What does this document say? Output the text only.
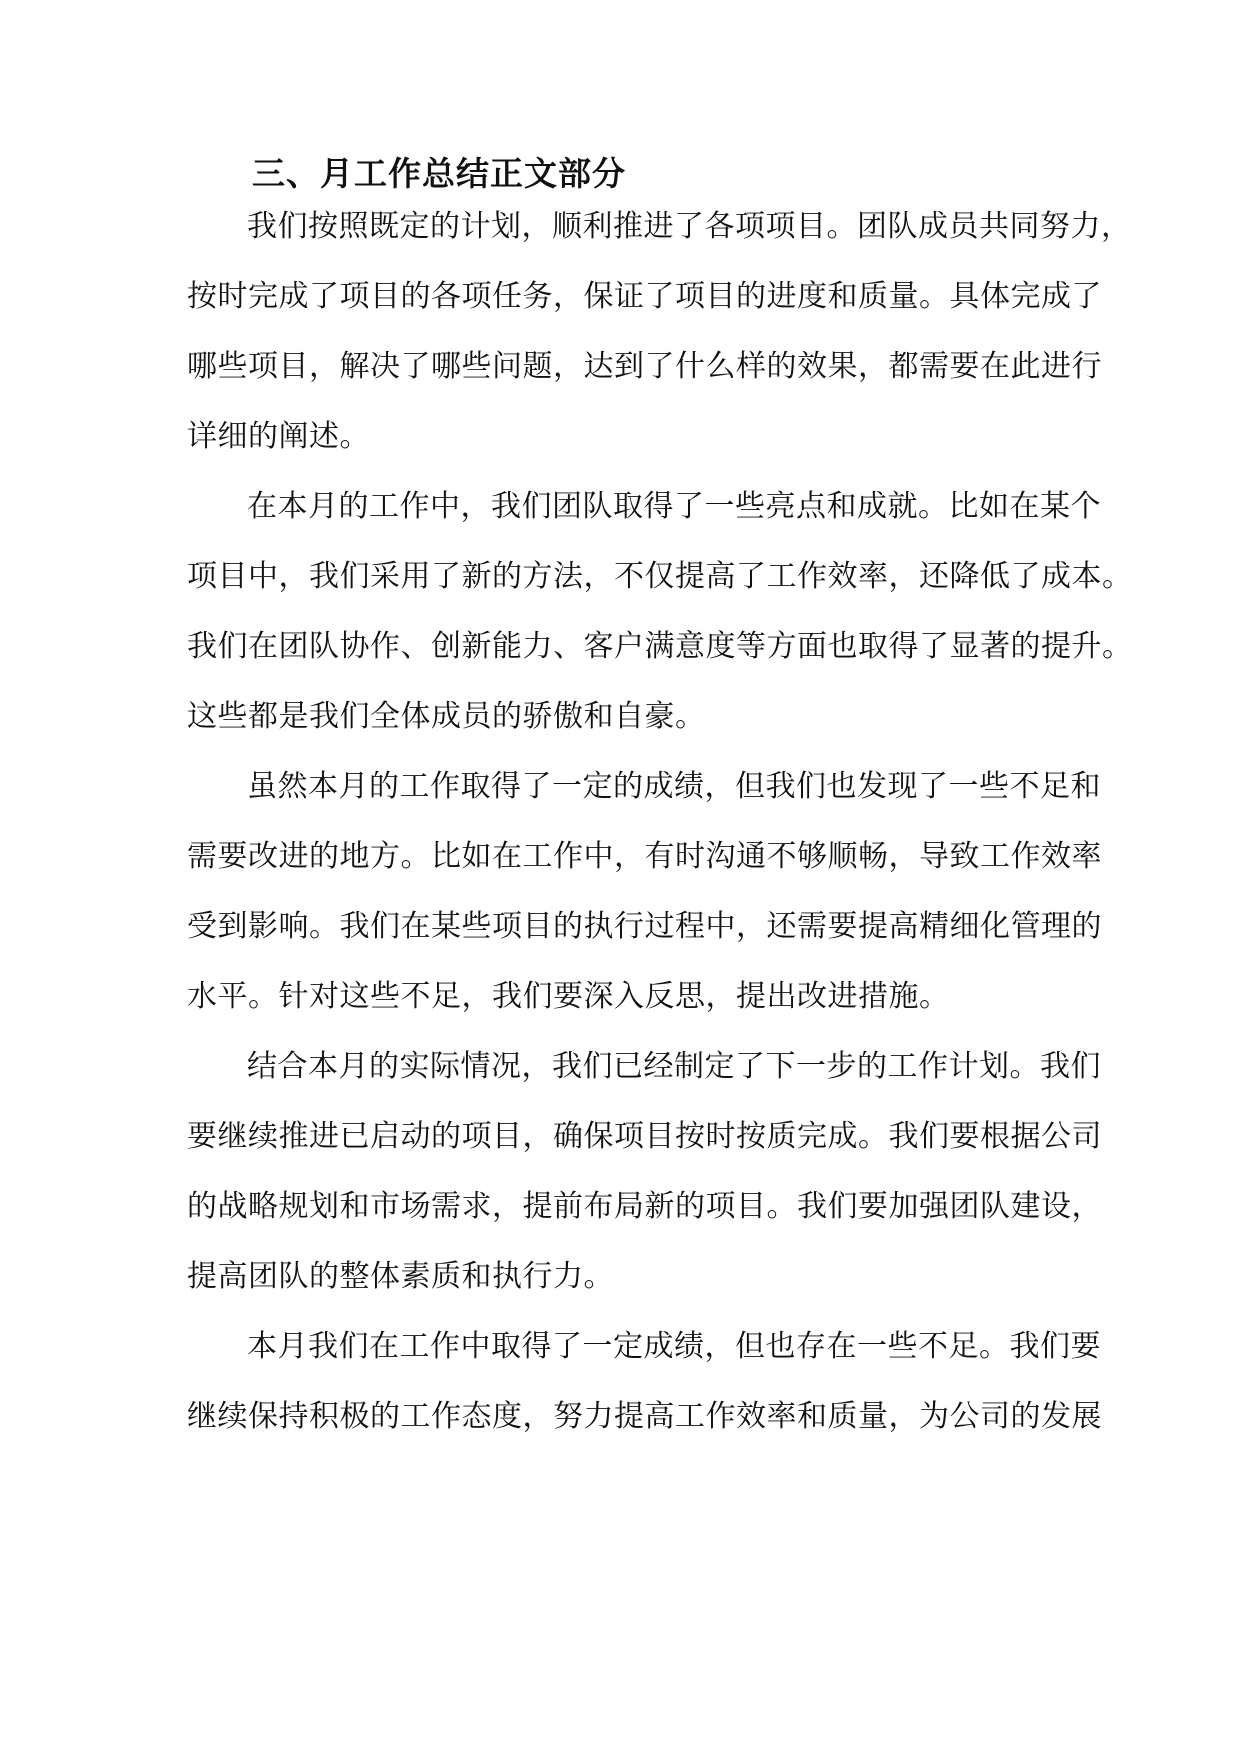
三、月工作总结正文部分
我们按照既定的计划，顺利推进了各项项目。团队成员共同努力，
按时完成了项目的各项任务，保证了项目的进度和质量。具体完成了
哪些项目，解决了哪些问题，达到了什么样的效果，都需要在此进行
详细的阐述。
在本月的工作中，我们团队取得了一些亮点和成就。比如在某个
项目中，我们采用了新的方法，不仅提高了工作效率，还降低了成本。
我们在团队协作、创新能力、客户满意度等方面也取得了显著的提升。
这些都是我们全体成员的骄傲和自豪。
虽然本月的工作取得了一定的成绩，但我们也发现了一些不足和
需要改进的地方。比如在工作中，有时沟通不够顺畅，导致工作效率
受到影响。我们在某些项目的执行过程中，还需要提高精细化管理的
水平。针对这些不足，我们要深入反思，提出改进措施。
结合本月的实际情况，我们已经制定了下一步的工作计划。我们
要继续推进已启动的项目，确保项目按时按质完成。我们要根据公司
的战略规划和市场需求，提前布局新的项目。我们要加强团队建设，
提高团队的整体素质和执行力。
本月我们在工作中取得了一定成绩，但也存在一些不足。我们要
继续保持积极的工作态度，努力提高工作效率和质量，为公司的发展
